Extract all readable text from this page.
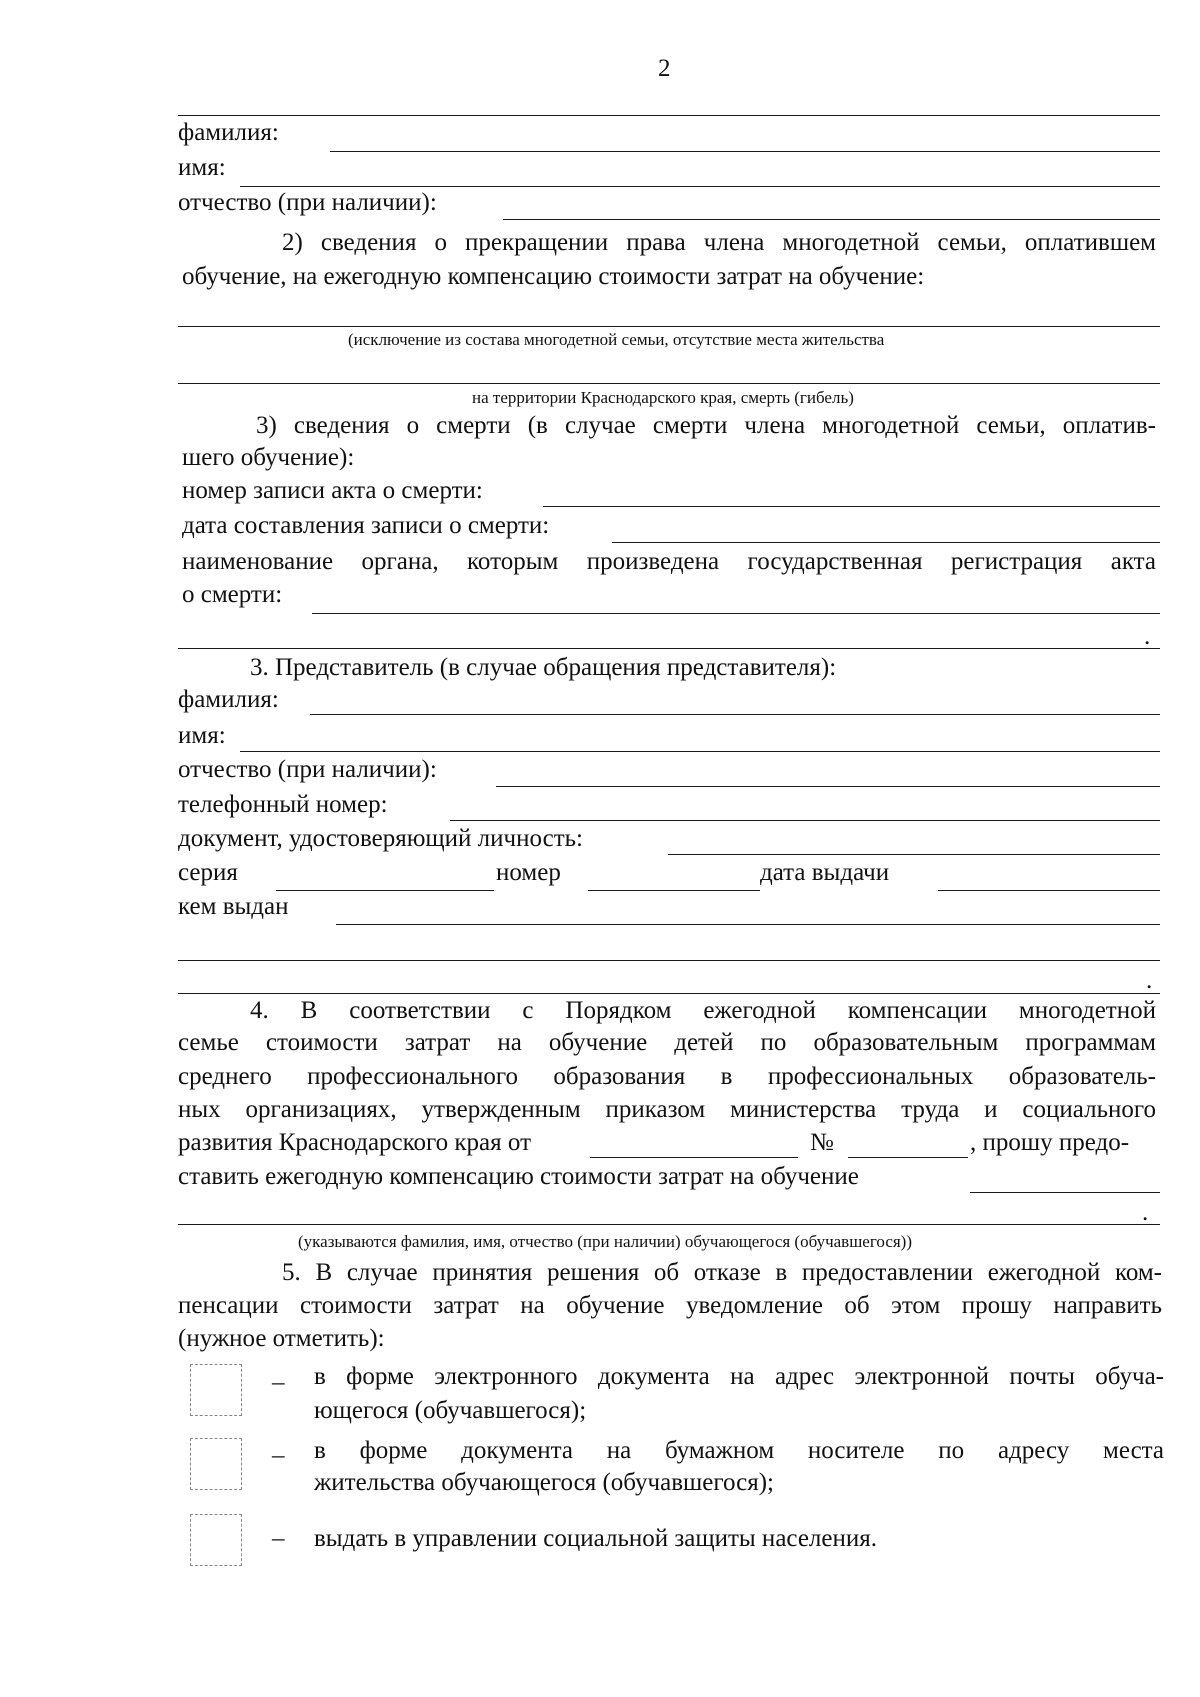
2
фамилия:
имя:
отчество (при наличии):
2) сведения о прекращении права члена многодетной семьи, оплатившем
обучение, на ежегодную компенсацию стоимости затрат на обучение:
(исключение из состава многодетной семьи, отсутствие места жительства
на территории Краснодарского края, смерть (гибель)
3) сведения о смерти (в случае смерти члена многодетной семьи, оплатив-
шего обучение):
номер записи акта о смерти:
дата составления записи о смерти:
наименование органа, которым произведена государственная регистрация акта
о смерти:
.
3. Представитель (в случае обращения представителя):
фамилия:
имя:
отчество (при наличии):
телефонный номер:
документ, удостоверяющий личность:
серия	номер	дата выдачи
кем выдан
.
4. В соответствии с Порядком ежегодной компенсации многодетной
семье стоимости затрат на обучение детей по образовательным программам
среднего профессионального образования в профессиональных образователь-
ных организациях, утвержденным приказом министерства труда и социального
развития Краснодарского края от	№	, прошу предо-
ставить ежегодную компенсацию стоимости затрат на обучение
.
(указываются фамилия, имя, отчество (при наличии) обучающегося (обучавшегося))
5. В случае принятия решения об отказе в предоставлении ежегодной ком-
пенсации стоимости затрат на обучение уведомление об этом прошу направить
(нужное отметить):
– в форме электронного документа на адрес электронной почты обуча-
ющегося (обучавшегося);
– в форме документа на бумажном носителе по адресу места
жительства обучающегося (обучавшегося);
– выдать в управлении социальной защиты населения.
